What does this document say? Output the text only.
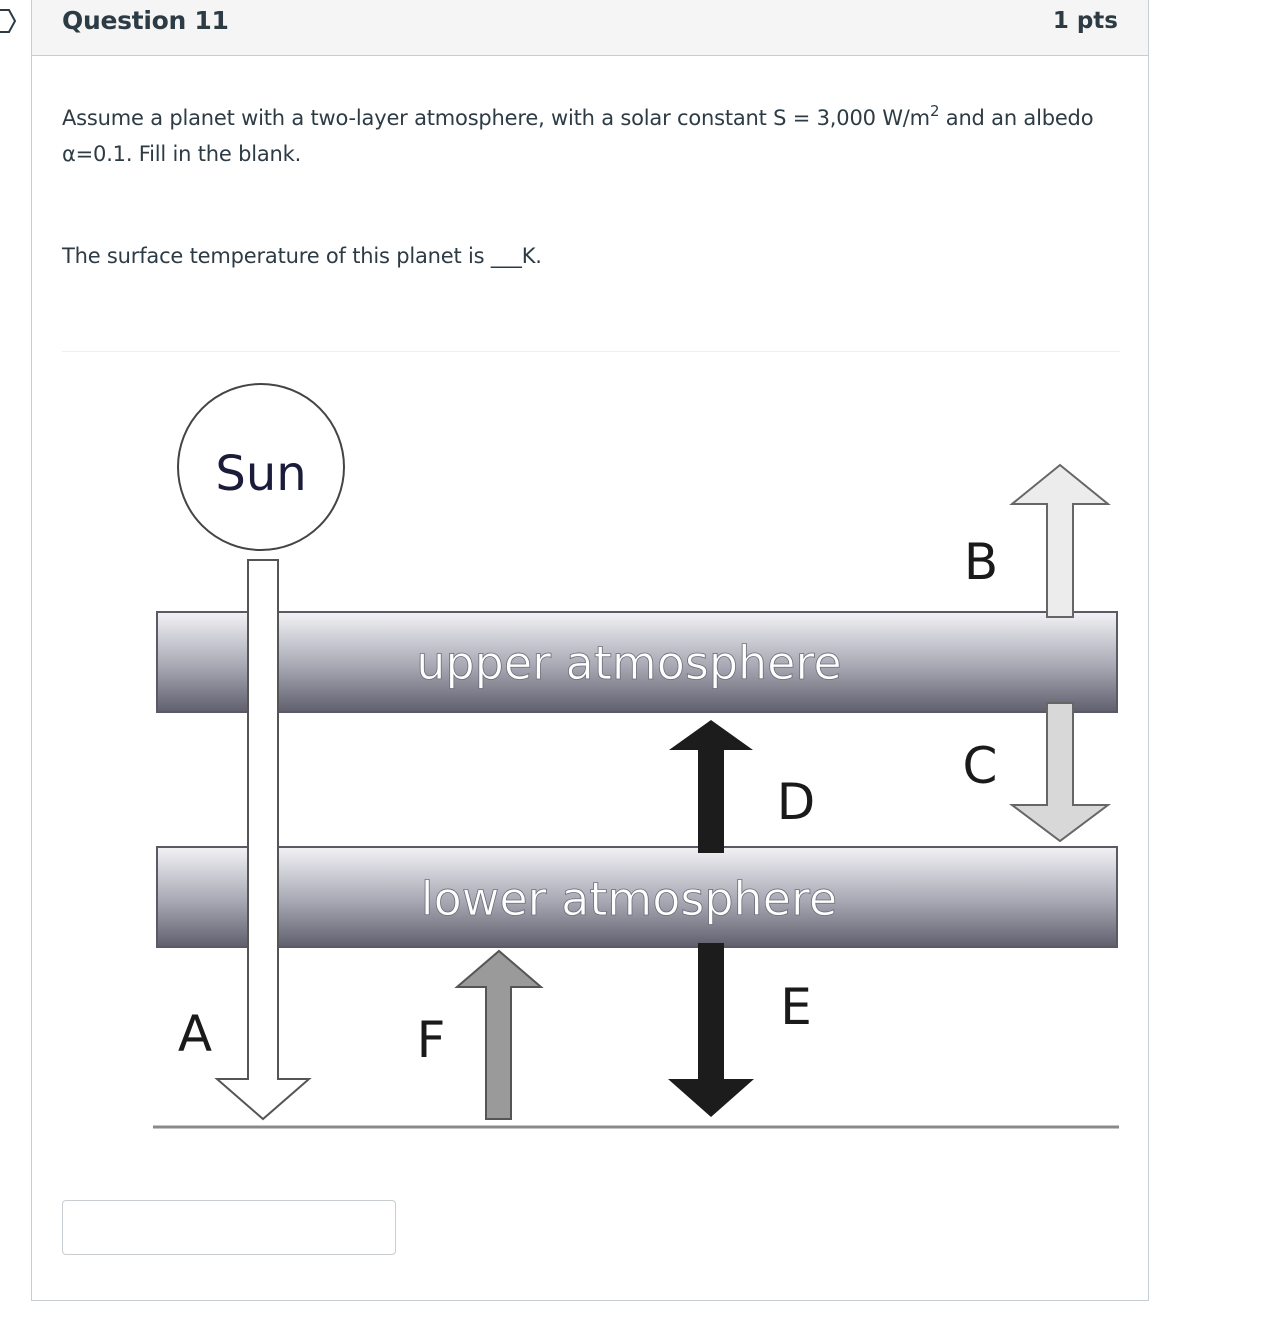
Question 11	1 pts
Assume a planet with a two-layer atmosphere, with a solar constant S = 3,000 $W/m^2$ and an albedo α=0.1. Fill in the blank.
The surface temperature of this planet is ___K.
Sun
A
B
C
D
E
F
upper atmosphere
lower atmosphere
